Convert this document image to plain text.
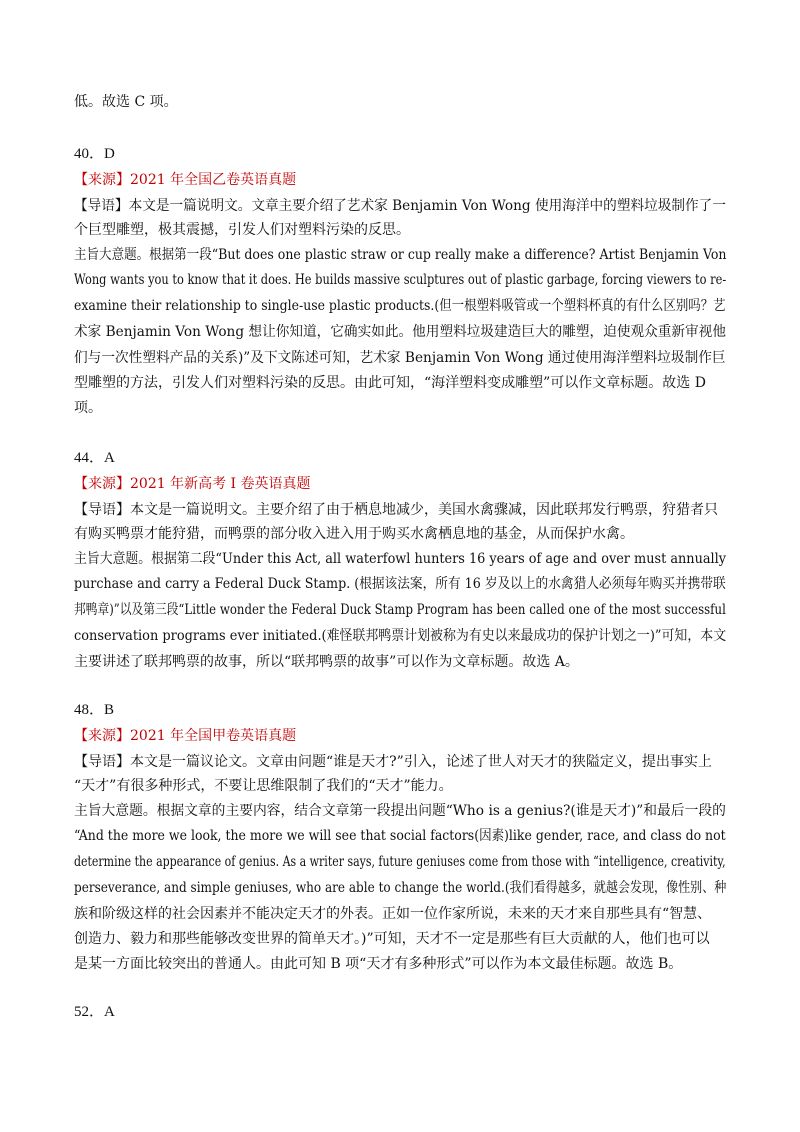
低。故选 C 项。
40．D
【来源】2021 年全国乙卷英语真题
【导语】本文是一篇说明文。文章主要介绍了艺术家 Benjamin Von Wong 使用海洋中的塑料垃圾制作了一
个巨型雕塑，极其震撼，引发人们对塑料污染的反思。
主旨大意题。根据第一段“But does one plastic straw or cup really make a difference? Artist Benjamin Von
Wong wants you to know that it does. He builds massive sculptures out of plastic garbage, forcing viewers to re-
examine their relationship to single-use plastic products.(但一根塑料吸管或一个塑料杯真的有什么区别吗？艺
术家 Benjamin Von Wong 想让你知道，它确实如此。他用塑料垃圾建造巨大的雕塑，迫使观众重新审视他
们与一次性塑料产品的关系)”及下文陈述可知，艺术家 Benjamin Von Wong 通过使用海洋塑料垃圾制作巨
型雕塑的方法，引发人们对塑料污染的反思。由此可知，“海洋塑料变成雕塑”可以作文章标题。故选 D
项。
44．A
【来源】2021 年新高考 I 卷英语真题
【导语】本文是一篇说明文。主要介绍了由于栖息地减少，美国水禽骤减，因此联邦发行鸭票，狩猎者只
有购买鸭票才能狩猎，而鸭票的部分收入进入用于购买水禽栖息地的基金，从而保护水禽。
主旨大意题。根据第二段“Under this Act, all waterfowl hunters 16 years of age and over must annually
purchase and carry a Federal Duck Stamp. (根据该法案，所有 16 岁及以上的水禽猎人必须每年购买并携带联
邦鸭章)”以及第三段“Little wonder the Federal Duck Stamp Program has been called one of the most successful
conservation programs ever initiated.(难怪联邦鸭票计划被称为有史以来最成功的保护计划之一)”可知，本文
主要讲述了联邦鸭票的故事，所以“联邦鸭票的故事”可以作为文章标题。故选 A。
48．B
【来源】2021 年全国甲卷英语真题
【导语】本文是一篇议论文。文章由问题“谁是天才?”引入，论述了世人对天才的狭隘定义，提出事实上
“天才”有很多种形式，不要让思维限制了我们的“天才”能力。
主旨大意题。根据文章的主要内容，结合文章第一段提出问题“Who is a genius?(谁是天才)”和最后一段的
“And the more we look, the more we will see that social factors(因素)like gender, race, and class do not
determine the appearance of genius. As a writer says, future geniuses come from those with “intelligence, creativity,
perseverance, and simple geniuses, who are able to change the world.(我们看得越多，就越会发现，像性别、种
族和阶级这样的社会因素并不能决定天才的外表。正如一位作家所说，未来的天才来自那些具有“智慧、
创造力、毅力和那些能够改变世界的简单天才。)”可知，天才不一定是那些有巨大贡献的人，他们也可以
是某一方面比较突出的普通人。由此可知 B 项“天才有多种形式”可以作为本文最佳标题。故选 B。
52．A
